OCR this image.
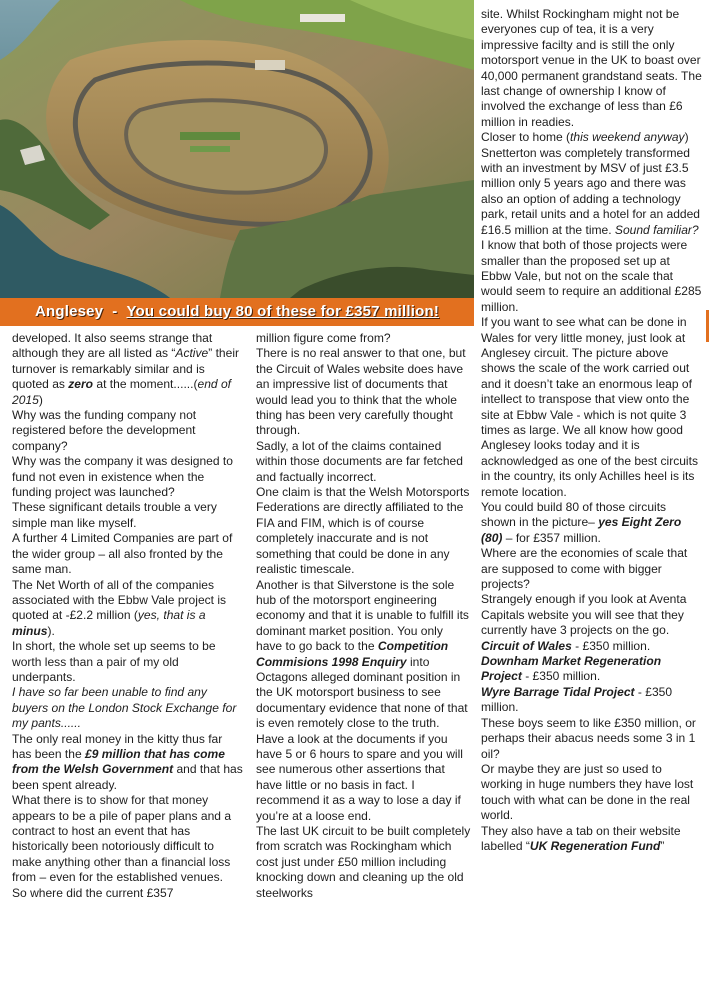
Anglesey - You could buy 80 of these for £357 million!

developed. It also seems strange that although they are all listed as “Active” their turnover is remarkably similar and is quoted as zero at the moment......(end of 2015)

Why was the funding company not registered before the development company?

Why was the company it was designed to fund not even in existence when the funding project was launched?

These significant details trouble a very simple man like myself.

A further 4 Limited Companies are part of the wider group – all also fronted by the same man.

The Net Worth of all of the companies associated with the Ebbw Vale project is quoted at -£2.2 million (yes, that is a minus).

In short, the whole set up seems to be worth less than a pair of my old underpants.

I have so far been unable to find any buyers on the London Stock Exchange for my pants......

The only real money in the kitty thus far has been the £9 million that has come from the Welsh Government and that has been spent already.

What there is to show for that money appears to be a pile of paper plans and a contract to host an event that has historically been notoriously difficult to make anything other than a financial loss from – even for the established venues.

So where did the current £357

million figure come from?

There is no real answer to that one, but the Circuit of Wales website does have an impressive list of documents that would lead you to think that the whole thing has been very carefully thought through.

Sadly, a lot of the claims contained within those documents are far fetched and factually incorrect.

One claim is that the Welsh Motorsports Federations are directly affiliated to the FIA and FIM, which is of course completely inaccurate and is not something that could be done in any realistic timescale.

Another is that Silverstone is the sole hub of the motorsport engineering economy and that it is unable to fulfill its dominant market position. You only have to go back to the Competition Commisions 1998 Enquiry into Octagons alleged dominant position in the UK motorsport business to see documentary evidence that none of that is even remotely close to the truth.

Have a look at the documents if you have 5 or 6 hours to spare and you will see numerous other assertions that have little or no basis in fact. I recommend it as a way to lose a day if you’re at a loose end.

The last UK circuit to be built completely from scratch was Rockingham which cost just under £50 million including knocking down and cleaning up the old steelworks

site. Whilst Rockingham might not be everyones cup of tea, it is a very impressive facilty and is still the only motorsport venue in the UK to boast over 40,000 permanent grandstand seats. The last change of ownership I know of involved the exchange of less than £6 million in readies.

Closer to home (this weekend anyway) Snetterton was completely transformed with an investment by MSV of just £3.5 million only 5 years ago and there was also an option of adding a technology park, retail units and a hotel for an added £16.5 million at the time. Sound familiar?

I know that both of those projects were smaller than the proposed set up at Ebbw Vale, but not on the scale that would seem to require an additional £285 million.

If you want to see what can be done in Wales for very little money, just look at Anglesey circuit. The picture above shows the scale of the work carried out and it doesn’t take an enormous leap of intellect to transpose that view onto the site at Ebbw Vale - which is not quite 3 times as large. We all know how good Anglesey looks today and it is acknowledged as one of the best circuits in the country, its only Achilles heel is its remote location.

You could build 80 of those circuits shown in the picture– yes Eight Zero (80) – for £357 million.

Where are the economies of scale that are supposed to come with bigger projects?

Strangely enough if you look at Aventa Capitals website you will see that they currently have 3 projects on the go.

Circuit of Wales - £350 million.

Downham Market Regeneration Project - £350 million.

Wyre Barrage Tidal Project - £350 million.

These boys seem to like £350 million, or perhaps their abacus needs some 3 in 1 oil?

Or maybe they are just so used to working in huge numbers they have lost touch with what can be done in the real world.

They also have a tab on their website labelled “UK Regeneration Fund”
